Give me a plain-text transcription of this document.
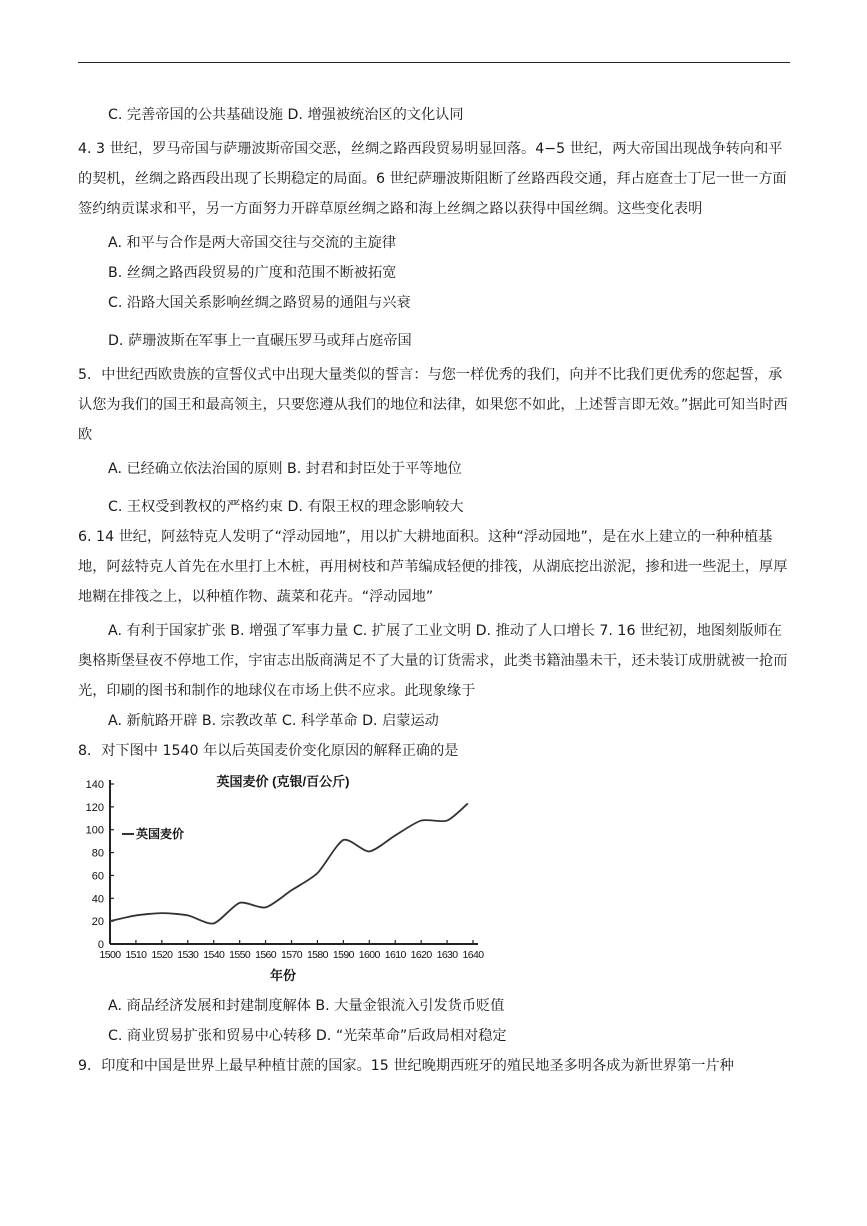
C. 完善帝国的公共基础设施 D. 增强被统治区的文化认同

4. 3 世纪，罗马帝国与萨珊波斯帝国交恶，丝绸之路西段贸易明显回落。4−5 世纪，两大帝国出现战争转向和平的契机，丝绸之路西段出现了长期稳定的局面。6 世纪萨珊波斯阻断了丝路西段交通，拜占庭查士丁尼一世一方面签约纳贡谋求和平，另一方面努力开辟草原丝绸之路和海上丝绸之路以获得中国丝绸。这些变化表明

A. 和平与合作是两大帝国交往与交流的主旋律

B. 丝绸之路西段贸易的广度和范围不断被拓宽

C. 沿路大国关系影响丝绸之路贸易的通阻与兴衰

D. 萨珊波斯在军事上一直碾压罗马或拜占庭帝国

5．中世纪西欧贵族的宣誓仪式中出现大量类似的誓言：与您一样优秀的我们，向并不比我们更优秀的您起誓，承认您为我们的国王和最高领主，只要您遵从我们的地位和法律，如果您不如此，上述誓言即无效。”据此可知当时西欧

A. 已经确立依法治国的原则 B. 封君和封臣处于平等地位

C. 王权受到教权的严格约束 D. 有限王权的理念影响较大

6. 14 世纪，阿兹特克人发明了“浮动园地”，用以扩大耕地面积。这种“浮动园地”，是在水上建立的一种种植基地，阿兹特克人首先在水里打上木桩，再用树枝和芦苇编成轻便的排筏，从湖底挖出淤泥，掺和进一些泥土，厚厚地糊在排筏之上，以种植作物、蔬菜和花卉。“浮动园地”

A. 有利于国家扩张 B. 增强了军事力量 C. 扩展了工业文明 D. 推动了人口增长 7. 16 世纪初，地图刻版师在奥格斯堡昼夜不停地工作，宇宙志出版商满足不了大量的订货需求，此类书籍油墨未干，还未装订成册就被一抢而光，印刷的图书和制作的地球仪在市场上供不应求。此现象缘于

A. 新航路开辟 B. 宗教改革 C. 科学革命 D. 启蒙运动

8．对下图中 1540 年以后英国麦价变化原因的解释正确的是

0
20
40
60
80
100
120
140
1500 1510 1520 1530 1540 1550 1560 1570 1580 1590 1600 1610 1620 1630 1640
英国麦价 (克银/百公斤)
年份
英国麦价

A. 商品经济发展和封建制度解体 B. 大量金银流入引发货币贬值

C. 商业贸易扩张和贸易中心转移 D. “光荣革命”后政局相对稳定

9．印度和中国是世界上最早种植甘蔗的国家。15 世纪晚期西班牙的殖民地圣多明各成为新世界第一片种
